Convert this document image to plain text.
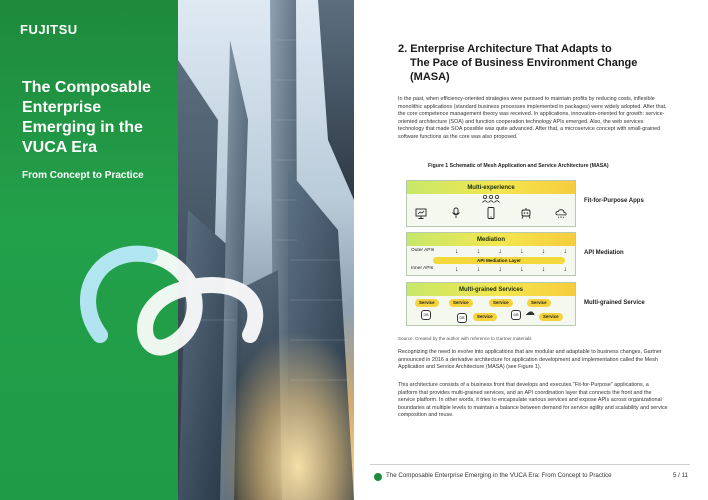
FUJITSU
The Composable Enterprise Emerging in the VUCA Era
From Concept to Practice
2. Enterprise Architecture That Adapts to
The Pace of Business Environment Change
(MASA)

In the past, when efficiency-oriented strategies were pursued to maintain profits by reducing costs, inflexible monolithic applications (standard business processes implemented in packages) were widely adopted. After that, the core competence management theory was received. In applications, innovation-oriented for growth: service-oriented architecture (SOA) and function cooperation technology APIs emerged. Also, the web services technology that made SOA possible was quite advanced. After that, a microservice concept with small-grained software functions as the core was also proposed.

Figure 1 Schematic of Mesh Application and Service Architecture (MASA)
Multi-experience
Fit-for-Purpose Apps
Mediation
Outer APIs	↓	↓	↓	↓	↓	↓
API Mediation Layer
Inner APIs	↓	↓	↓	↓	↓	↓
API Mediation
Multi-grained Services
Service	Service	Service	Service
DB
DB
DB
Service	Service
☁
Multi-grained Service
Source: Created by the author with reference to Gartner materials

Recognizing the need to evolve into applications that are modular and adaptable to business changes, Gartner announced in 2016 a derivative architecture for application development and implementation called the Mesh Application and Service Architecture (MASA) (see Figure 1).

This architecture consists of a business front that develops and executes "Fit-for-Purpose" applications, a platform that provides multi-grained services, and an API coordination layer that connects the front and the service platform. In other words, it tries to encapsulate various services and expose APIs across organizational boundaries at multiple levels to maintain a balance between demand for service agility and scalability and service composition and reuse.

The Composable Enterprise Emerging in the VUCA Era: From Concept to Practice	5 / 11
